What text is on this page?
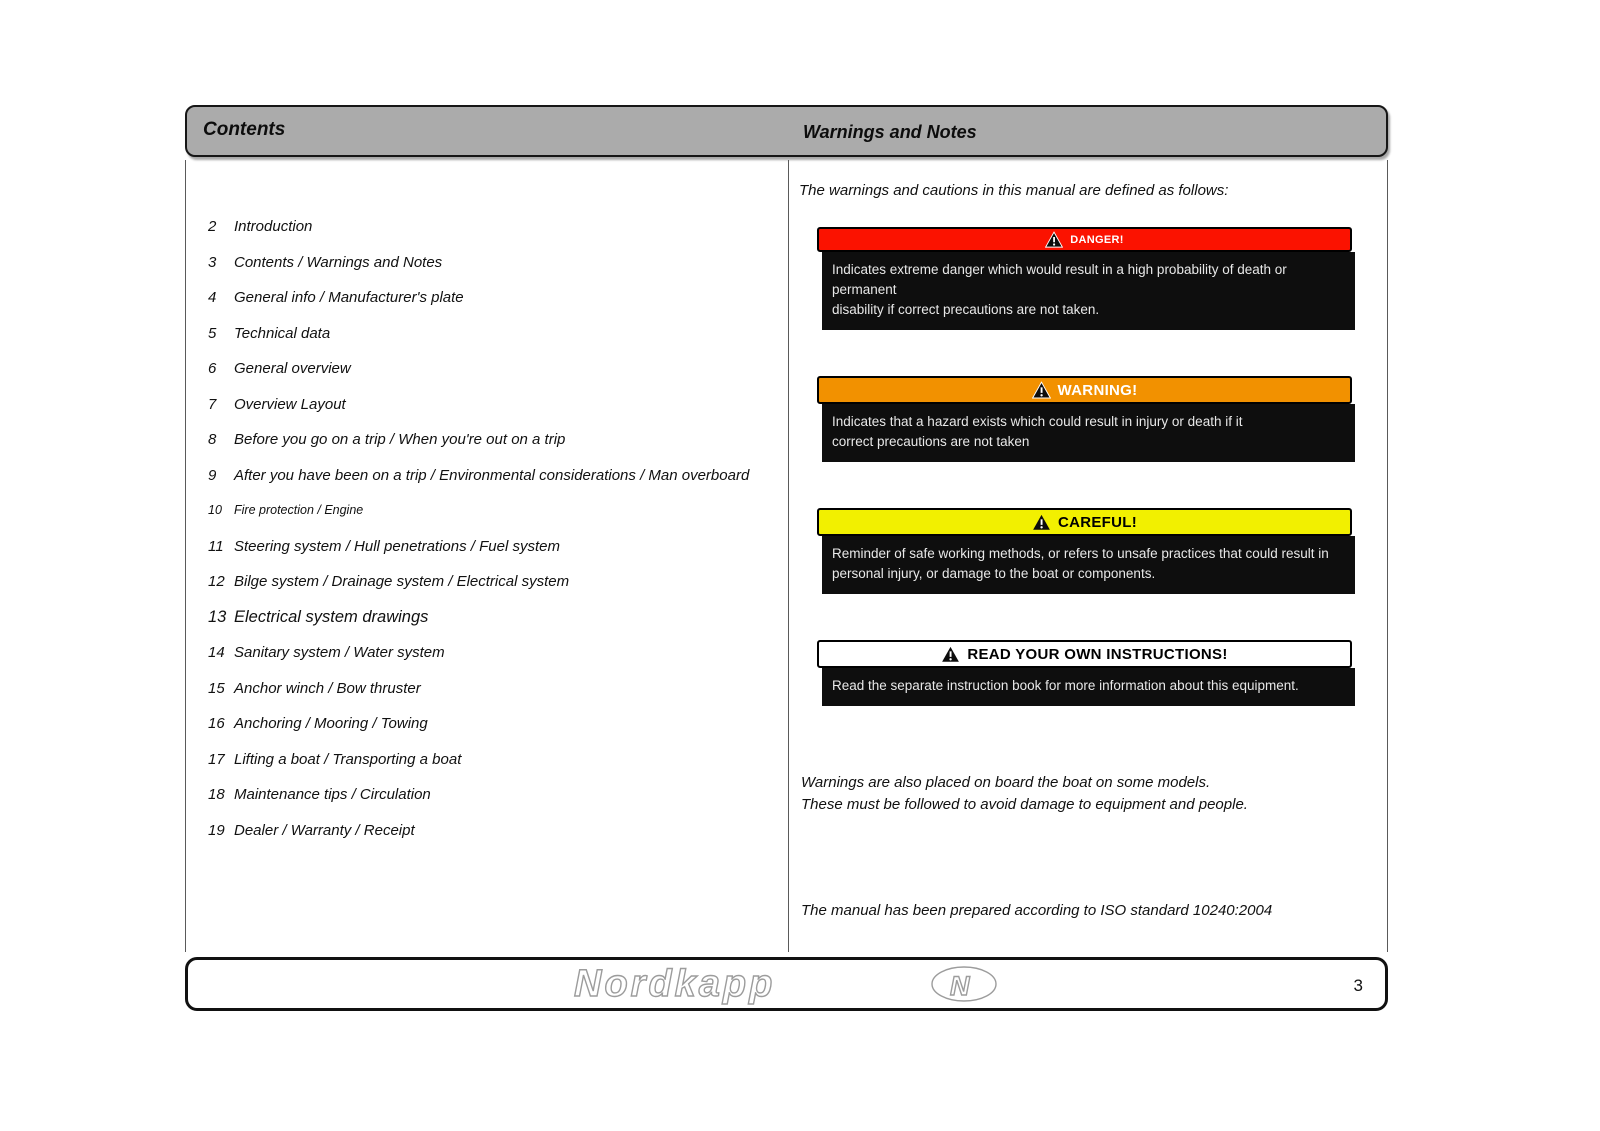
Contents	Warnings and Notes
2	Introduction
3	Contents / Warnings and Notes
4	General info / Manufacturer's plate
5	Technical data
6	General overview
7	Overview Layout
8	Before you go on a trip / When you're out on a trip
9	After you have been on a trip / Environmental considerations / Man overboard
10 Fire protection / Engine
11 Steering system / Hull penetrations / Fuel system
12 Bilge system / Drainage system / Electrical system
13 Electrical system drawings
14 Sanitary system / Water system
15 Anchor winch / Bow thruster
16 Anchoring / Mooring / Towing
17 Lifting a boat / Transporting a boat
18 Maintenance tips / Circulation
19 Dealer / Warranty / Receipt

The warnings and cautions in this manual are defined as follows:

DANGER!
Indicates extreme danger which would result in a high probability of death or permanent
disability if correct precautions are not taken.
WARNING!
Indicates that a hazard exists which could result in injury or death if it
correct precautions are not taken
CAREFUL!
Reminder of safe working methods, or refers to unsafe practices that could result in
personal injury, or damage to the boat or components.
READ YOUR OWN INSTRUCTIONS!
Read the separate instruction book for more information about this equipment.

Warnings are also placed on board the boat on some models.

These must be followed to avoid damage to equipment and people.

The manual has been prepared according to ISO standard 10240:2004

Nordkapp	N	3
